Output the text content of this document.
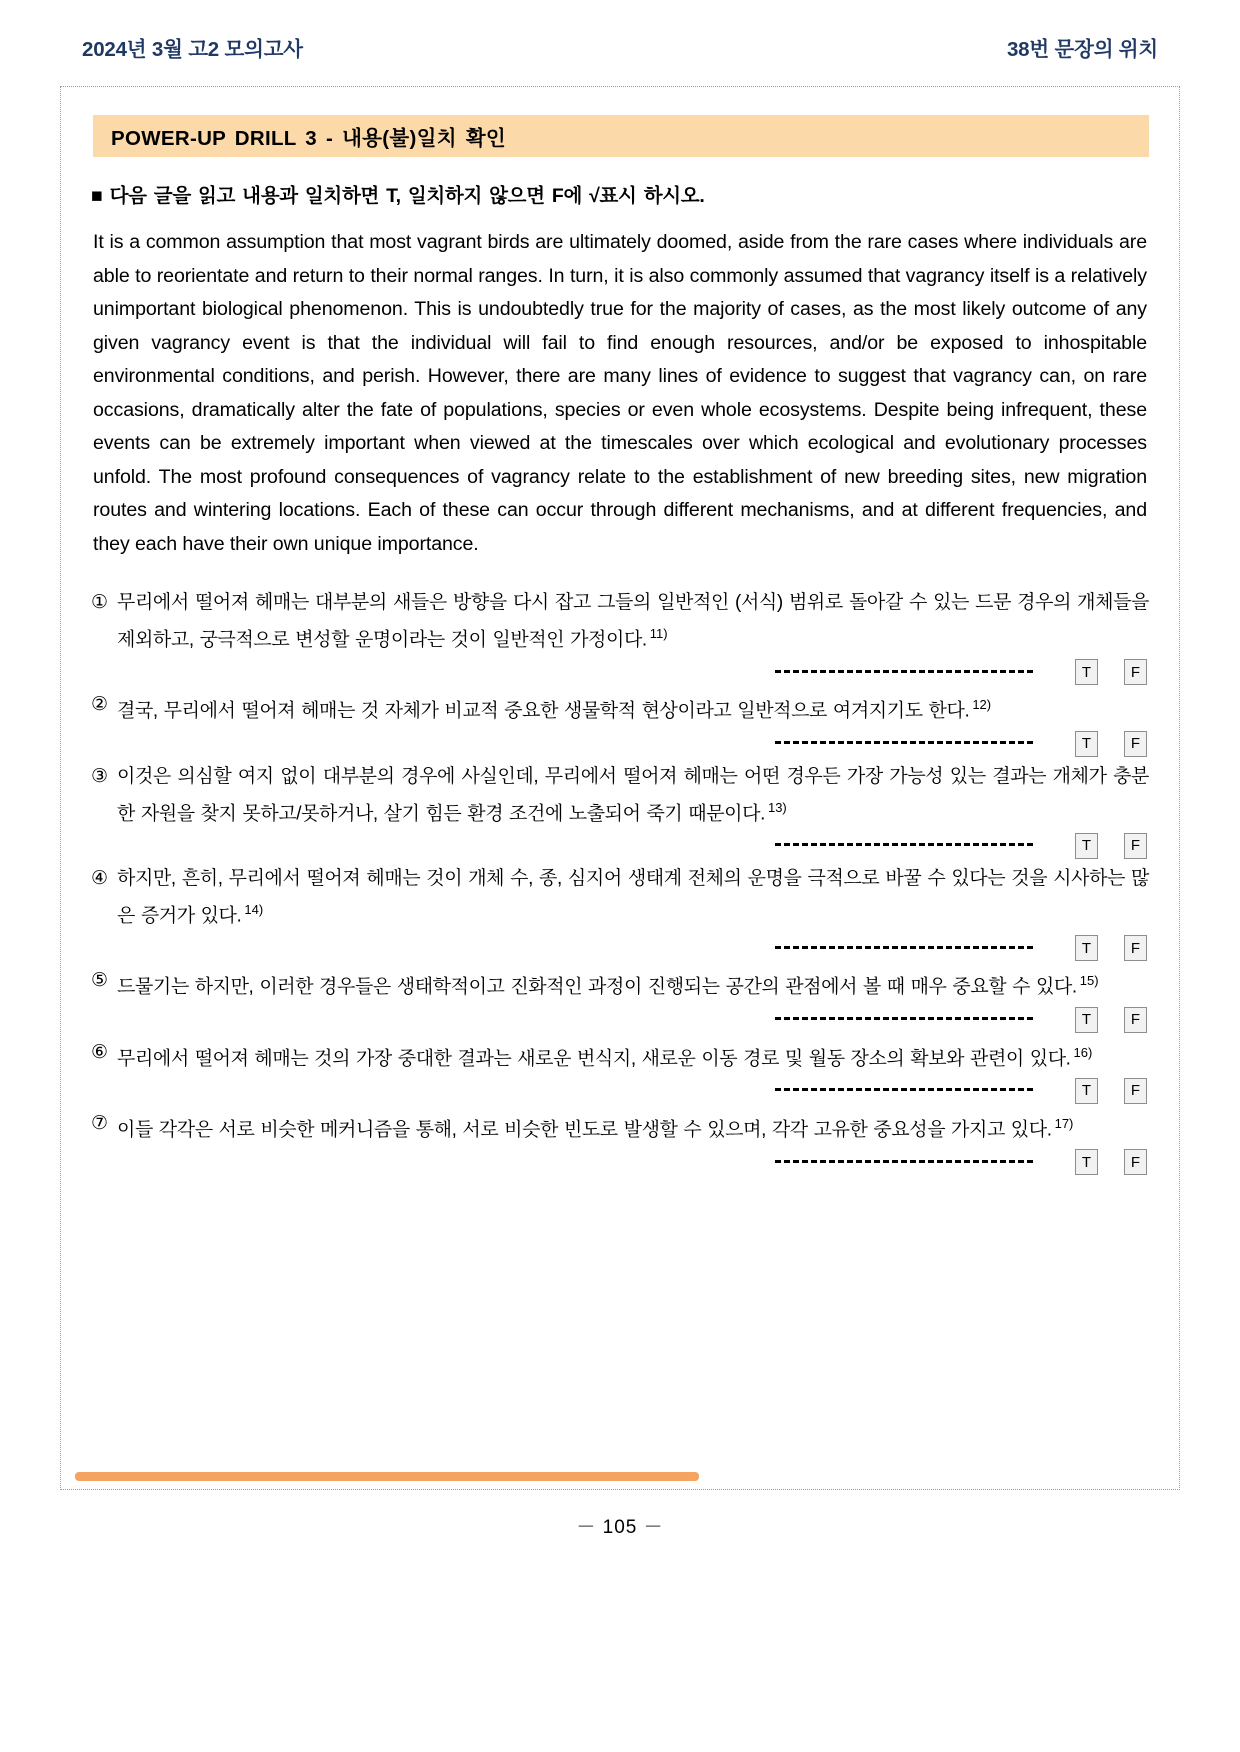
2024년 3월 고2 모의고사	38번 문장의 위치
POWER-UP DRILL 3 - 내용(불)일치 확인
■ 다음 글을 읽고 내용과 일치하면 T, 일치하지 않으면 F에 √표시 하시오.
It is a common assumption that most vagrant birds are ultimately doomed, aside from the rare cases where individuals are able to reorientate and return to their normal ranges. In turn, it is also commonly assumed that vagrancy itself is a relatively unimportant biological phenomenon. This is undoubtedly true for the majority of cases, as the most likely outcome of any given vagrancy event is that the individual will fail to find enough resources, and/or be exposed to inhospitable environmental conditions, and perish. However, there are many lines of evidence to suggest that vagrancy can, on rare occasions, dramatically alter the fate of populations, species or even whole ecosystems. Despite being infrequent, these events can be extremely important when viewed at the timescales over which ecological and evolutionary processes unfold. The most profound consequences of vagrancy relate to the establishment of new breeding sites, new migration routes and wintering locations. Each of these can occur through different mechanisms, and at different frequencies, and they each have their own unique importance.
① 무리에서 떨어져 헤매는 대부분의 새들은 방향을 다시 잡고 그들의 일반적인 (서식) 범위로 돌아갈 수 있는 드문 경우의 개체들을 제외하고, 궁극적으로 변성할 운명이라는 것이 일반적인 가정이다. $^{11)}$
T	F
② 결국, 무리에서 떨어져 헤매는 것 자체가 비교적 중요한 생물학적 현상이라고 일반적으로 여겨지기도 한다. $^{12)}$
T	F
③ 이것은 의심할 여지 없이 대부분의 경우에 사실인데, 무리에서 떨어져 헤매는 어떤 경우든 가장 가능성 있는 결과는 개체가 충분한 자원을 찾지 못하고/못하거나, 살기 힘든 환경 조건에 노출되어 죽기 때문이다. $^{13)}$
T	F
④ 하지만, 흔히, 무리에서 떨어져 헤매는 것이 개체 수, 종, 심지어 생태계 전체의 운명을 극적으로 바꿀 수 있다는 것을 시사하는 많은 증거가 있다. $^{14)}$
T	F
⑤ 드물기는 하지만, 이러한 경우들은 생태학적이고 진화적인 과정이 진행되는 공간의 관점에서 볼 때 매우 중요할 수 있다. $^{15)}$
T	F
⑥ 무리에서 떨어져 헤매는 것의 가장 중대한 결과는 새로운 번식지, 새로운 이동 경로 및 월동 장소의 확보와 관련이 있다. $^{16)}$
T	F
⑦ 이들 각각은 서로 비슷한 메커니즘을 통해, 서로 비슷한 빈도로 발생할 수 있으며, 각각 고유한 중요성을 가지고 있다. $^{17)}$
T	F
－ 105 －
